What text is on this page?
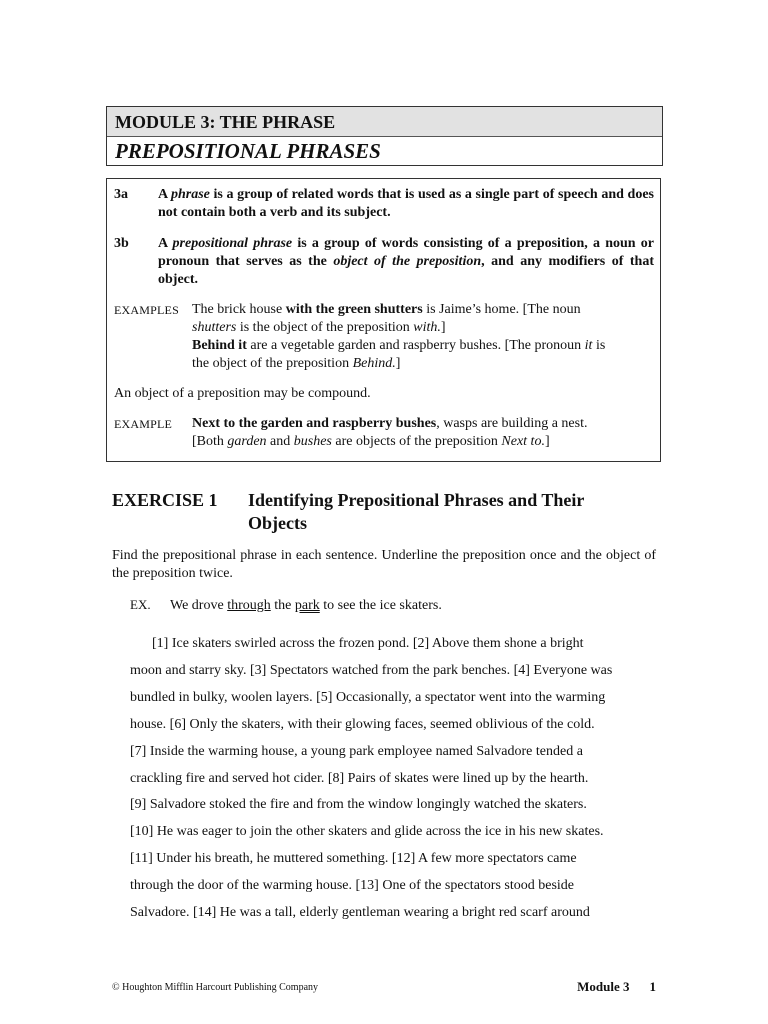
MODULE 3: THE PHRASE
PREPOSITIONAL PHRASES
3a	A phrase is a group of related words that is used as a single part of speech and does not contain both a verb and its subject.
3b	A prepositional phrase is a group of words consisting of a preposition, a noun or pronoun that serves as the object of the preposition, and any modifiers of that object.
EXAMPLES The brick house with the green shutters is Jaime’s home. [The noun
shutters is the object of the preposition with.]
Behind it are a vegetable garden and raspberry bushes. [The pronoun it is
the object of the preposition Behind.]
An object of a preposition may be compound.
EXAMPLE Next to the garden and raspberry bushes, wasps are building a nest.
[Both garden and bushes are objects of the preposition Next to.]
EXERCISE 1 Identifying Prepositional Phrases and Their Objects
Find the prepositional phrase in each sentence. Underline the preposition once and the object of the preposition twice.
EX. We drove through the park to see the ice skaters.
[1] Ice skaters swirled across the frozen pond. [2] Above them shone a bright
moon and starry sky. [3] Spectators watched from the park benches. [4] Everyone was
bundled in bulky, woolen layers. [5] Occasionally, a spectator went into the warming
house. [6] Only the skaters, with their glowing faces, seemed oblivious of the cold.
[7] Inside the warming house, a young park employee named Salvadore tended a
crackling fire and served hot cider. [8] Pairs of skates were lined up by the hearth.
[9] Salvadore stoked the fire and from the window longingly watched the skaters.
[10] He was eager to join the other skaters and glide across the ice in his new skates.
[11] Under his breath, he muttered something. [12] A few more spectators came
through the door of the warming house. [13] One of the spectators stood beside
Salvadore. [14] He was a tall, elderly gentleman wearing a bright red scarf around
© Houghton Mifflin Harcourt Publishing Company	Module 3 1
